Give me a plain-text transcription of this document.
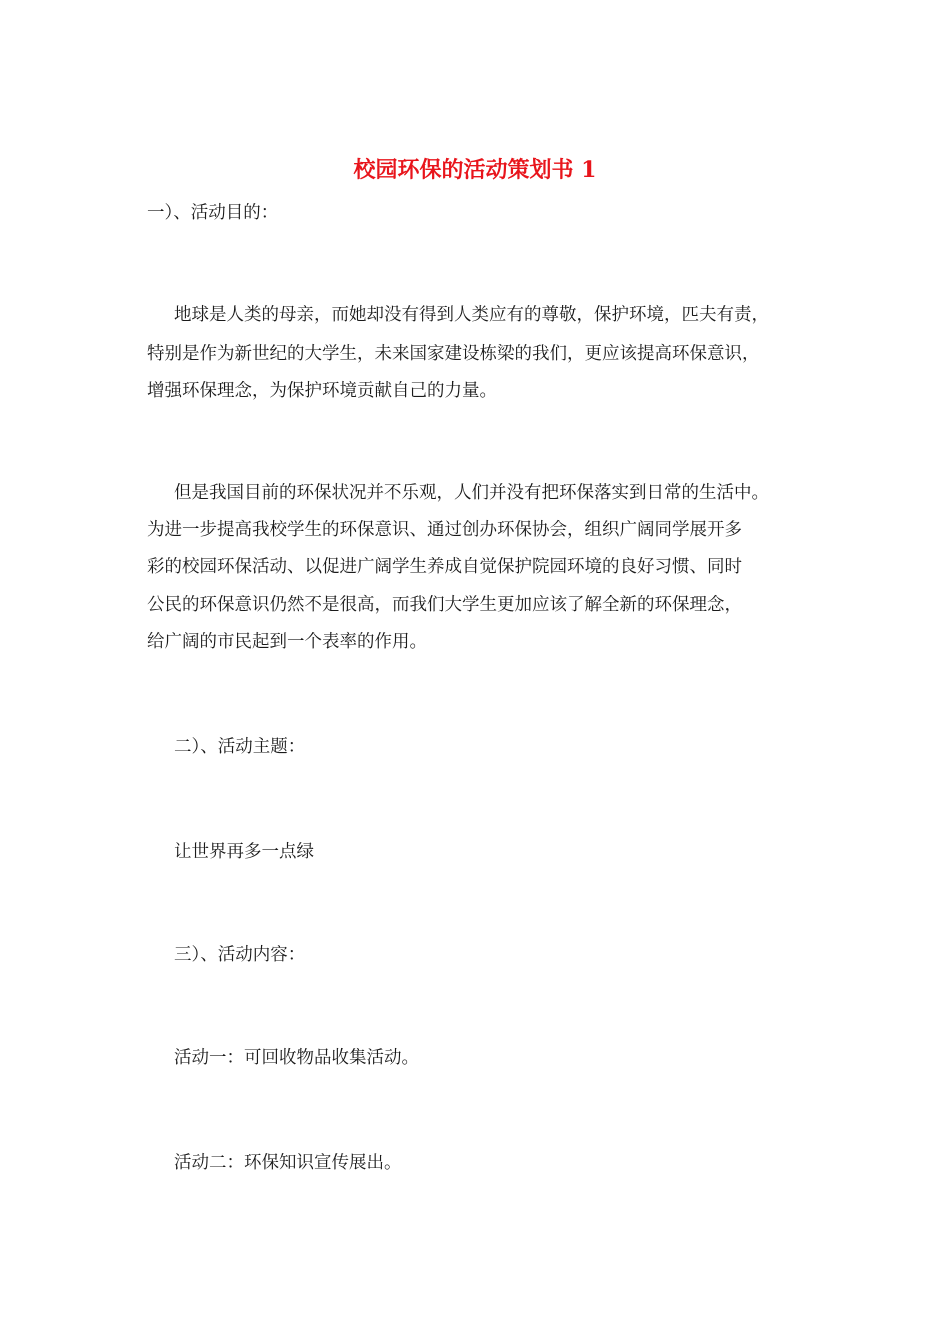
校园环保的活动策划书 1
一）、活动目的：
地球是人类的母亲，而她却没有得到人类应有的尊敬，保护环境，匹夫有责，
特别是作为新世纪的大学生，未来国家建设栋梁的我们，更应该提高环保意识，
增强环保理念，为保护环境贡献自己的力量。
但是我国目前的环保状况并不乐观，人们并没有把环保落实到日常的生活中。
为进一步提高我校学生的环保意识、通过创办环保协会，组织广阔同学展开多
彩的校园环保活动、以促进广阔学生养成自觉保护院园环境的良好习惯、同时
公民的环保意识仍然不是很高，而我们大学生更加应该了解全新的环保理念，
给广阔的市民起到一个表率的作用。
二）、活动主题：
让世界再多一点绿
三）、活动内容：
活动一：可回收物品收集活动。
活动二：环保知识宣传展出。
